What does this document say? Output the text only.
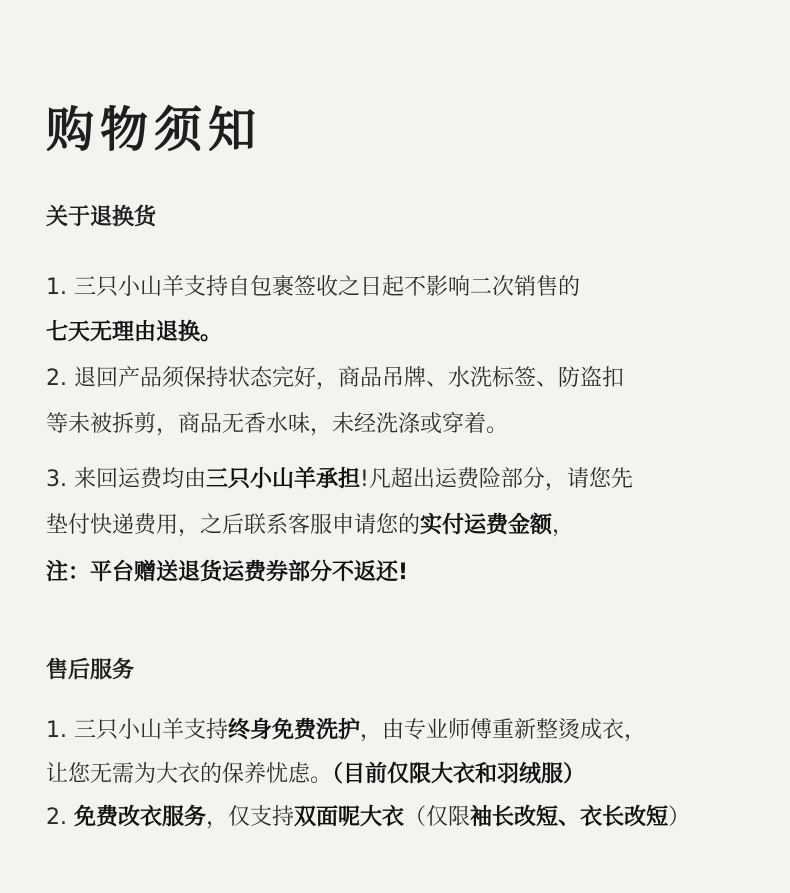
购物须知
关于退换货
1. 三只小山羊支持自包裹签收之日起不影响二次销售的
七天无理由退换。
2. 退回产品须保持状态完好，商品吊牌、水洗标签、防盗扣
等未被拆剪，商品无香水味，未经洗涤或穿着。
3. 来回运费均由三只小山羊承担!凡超出运费险部分，请您先
垫付快递费用，之后联系客服申请您的实付运费金额，
注：平台赠送退货运费券部分不返还!
售后服务
1. 三只小山羊支持终身免费洗护，由专业师傅重新整烫成衣，
让您无需为大衣的保养忧虑。（目前仅限大衣和羽绒服）
2. 免费改衣服务，仅支持双面呢大衣（仅限袖长改短、衣长改短）
